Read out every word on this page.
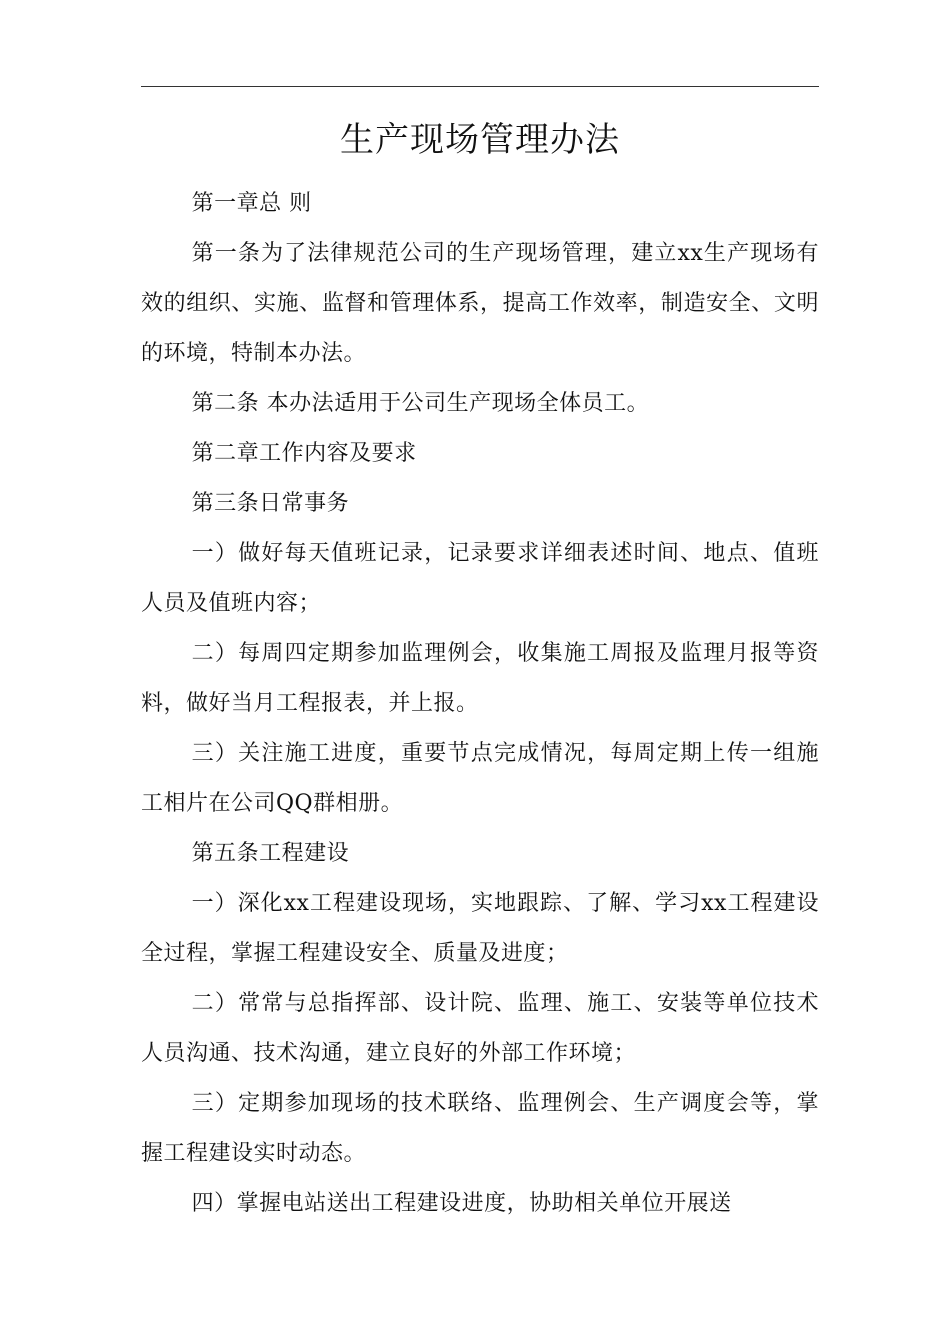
生产现场管理办法

第一章总 则

第一条为了法律规范公司的生产现场管理，建立xx生产现场有效的组织、实施、监督和管理体系，提高工作效率，制造安全、文明的环境，特制本办法。

第二条 本办法适用于公司生产现场全体员工。

第二章工作内容及要求

第三条日常事务

一）做好每天值班记录，记录要求详细表述时间、地点、值班人员及值班内容；

二）每周四定期参加监理例会，收集施工周报及监理月报等资料，做好当月工程报表，并上报。

三）关注施工进度，重要节点完成情况，每周定期上传一组施工相片在公司QQ群相册。

第五条工程建设

一）深化xx工程建设现场，实地跟踪、了解、学习xx工程建设全过程，掌握工程建设安全、质量及进度；

二）常常与总指挥部、设计院、监理、施工、安装等单位技术人员沟通、技术沟通，建立良好的外部工作环境；

三）定期参加现场的技术联络、监理例会、生产调度会等，掌握工程建设实时动态。

四）掌握电站送出工程建设进度，协助相关单位开展送
